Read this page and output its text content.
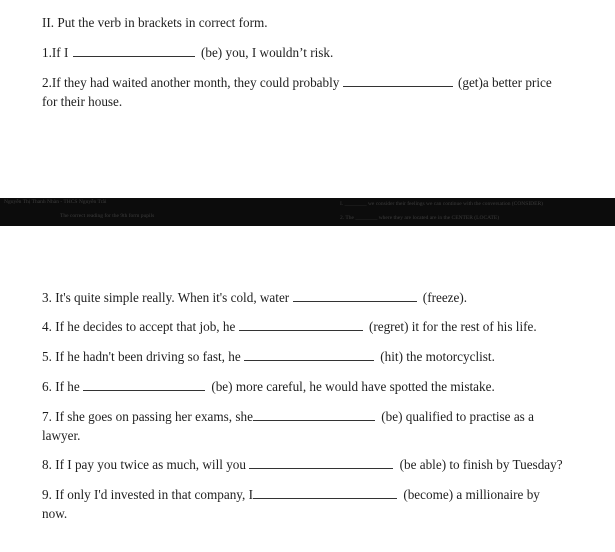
II. Put the verb in brackets in correct form.
1.If I	(be) you, I wouldn’t risk.
2.If they had waited another month, they could probably	(get)a better price
for their house.
Nguyễn Thị Thanh Nhàn - THCS Nguyễn Trãi
The correct reading for the 9th form pupils
I. ________ we consider their feelings we can continue with the conversation (CONSIDER)
2. The ________ where they are located are in the CENTER (LOCATE)
3. It's quite simple really. When it's cold, water	(freeze).
4. If he decides to accept that job, he	(regret) it for the rest of his life.
5. If he hadn't been driving so fast, he	(hit) the motorcyclist.
6. If he	(be) more careful, he would have spotted the mistake.
7. If she goes on passing her exams, she	(be) qualified to practise as a
lawyer.
8. If I pay you twice as much, will you	(be able) to finish by Tuesday?
9. If only I'd invested in that company, I	(become) a millionaire by
now.
